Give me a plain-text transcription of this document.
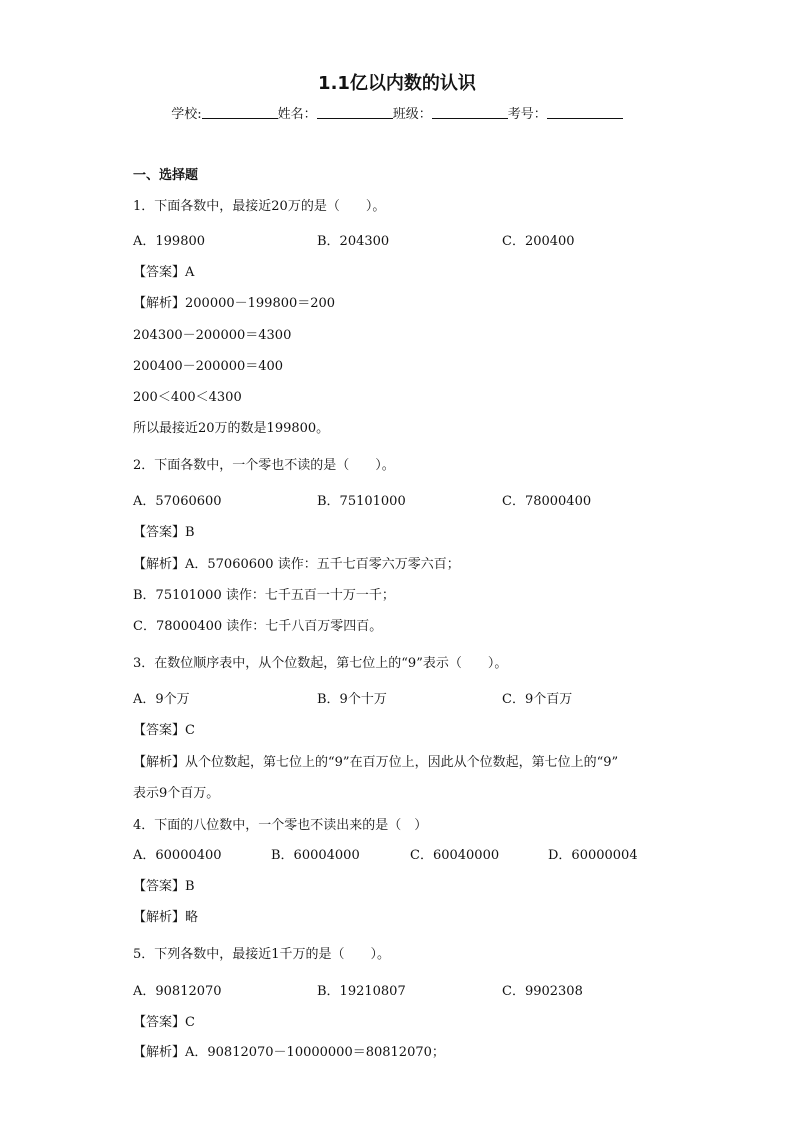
1.1亿以内数的认识
学校:	姓名：	班级：	考号：
一、选择题
1．下面各数中，最接近20万的是（　　）。
A．199800	B．204300	C．200400
【答案】A
【解析】200000－199800＝200
204300－200000＝4300
200400－200000＝400
200＜400＜4300
所以最接近20万的数是199800。
2．下面各数中，一个零也不读的是（　　）。
A．57060600	B．75101000	C．78000400
【答案】B
【解析】A．57060600 读作：五千七百零六万零六百；
B．75101000 读作：七千五百一十万一千；
C．78000400 读作：七千八百万零四百。
3．在数位顺序表中，从个位数起，第七位上的“9”表示（　　）。
A．9个万	B．9个十万	C．9个百万
【答案】C
【解析】从个位数起，第七位上的“9”在百万位上，因此从个位数起，第七位上的“9”
表示9个百万。
4．下面的八位数中，一个零也不读出来的是（　）
A．60000400	B．60004000	C．60040000	D．60000004
【答案】B
【解析】略
5．下列各数中，最接近1千万的是（　　）。
A．90812070	B．19210807	C．9902308
【答案】C
【解析】A．90812070－10000000＝80812070；
